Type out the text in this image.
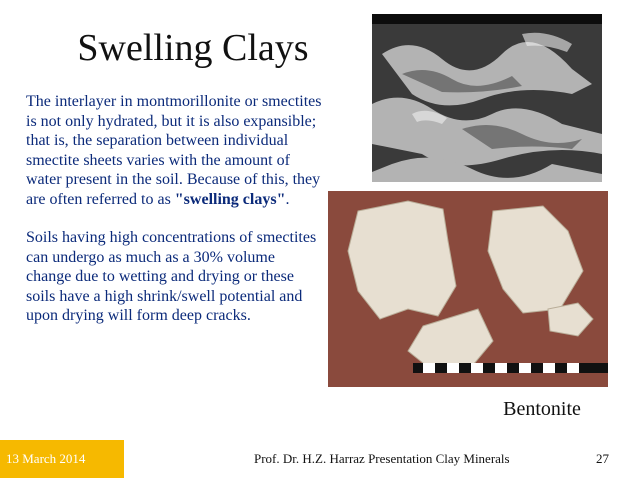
Swelling Clays

The interlayer in montmorillonite or smectites is not only hydrated, but it is also expansible; that is, the separation between individual smectite sheets varies with the amount of water present in the soil. Because of this, they are often referred to as "swelling clays".

Soils having high concentrations of smectites can undergo as much as a 30% volume change due to wetting and drying or these soils have a high shrink/swell potential and upon drying will form deep cracks.

Bentonite
13 March 2014	Prof. Dr. H.Z. Harraz Presentation Clay Minerals	27
